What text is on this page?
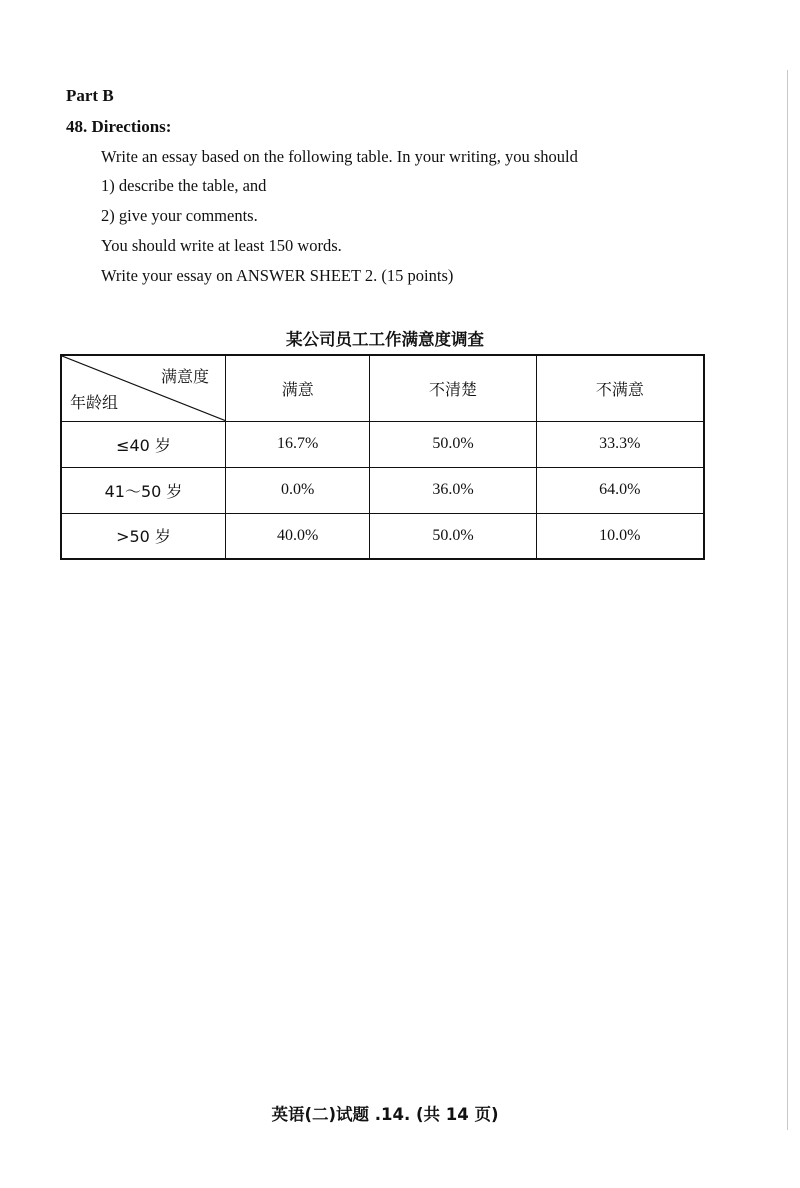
Part B
48. Directions:
Write an essay based on the following table. In your writing, you should
1) describe the table, and
2) give your comments.
You should write at least 150 words.
Write your essay on ANSWER SHEET 2. (15 points)
某公司员工工作满意度调查
满意度
年龄组	满意	不清楚	不满意
≤40 岁	16.7%	50.0%	33.3%
41～50 岁	0.0%	36.0%	64.0%
>50 岁	40.0%	50.0%	10.0%
英语(二)试题 .14. (共 14 页)
